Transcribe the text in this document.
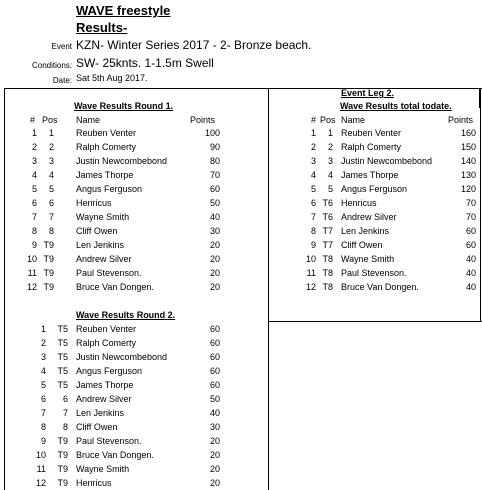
WAVE freestyle
Results-
Event KZN- Winter Series 2017 - 2- Bronze beach.
Conditions: SW- 25knts. 1-1.5m Swell
Date: Sat 5th Aug 2017.
Wave Results Round 1.
# Pos Name	Points
1	1 Reuben Venter	100
2	2 Ralph Comerty	90
3	3 Justin Newcombebond	80
4	4 James Thorpe	70
5	5 Angus Ferguson	60
6	6 Henricus	50
7	7 Wayne Smith	40
8	8 Cliff Owen	30
9 T9 Len Jenkins	20
10 T9 Andrew Silver	20
11 T9 Paul Stevenson.	20
12 T9 Bruce Van Dongen.	20
Event Leg 2.
Wave Results total todate.
# Pos Name	Points
1	1 Reuben Venter	160
2	2 Ralph Comerty	150
3	3 Justin Newcombebond	140
4	4 James Thorpe	130
5	5 Angus Ferguson	120
6 T6 Henricus	70
7 T6 Andrew Silver	70
8 T7 Len Jenkins	60
9 T7 Cliff Owen	60
10 T8 Wayne Smith	40
11 T8 Paul Stevenson.	40
12 T8 Bruce Van Dongen.	40
Wave Results Round 2.
1	T5 Reuben Venter	60
2	T5 Ralph Comerty	60
3	T5 Justin Newcombebond	60
4	T5 Angus Ferguson	60
5	T5 James Thorpe	60
6	6 Andrew Silver	50
7	7 Len Jenkins	40
8	8 Cliff Owen	30
9	T9 Paul Stevenson.	20
10	T9 Bruce Van Dongen.	20
11	T9 Wayne Smith	20
12	T9 Henricus	20
